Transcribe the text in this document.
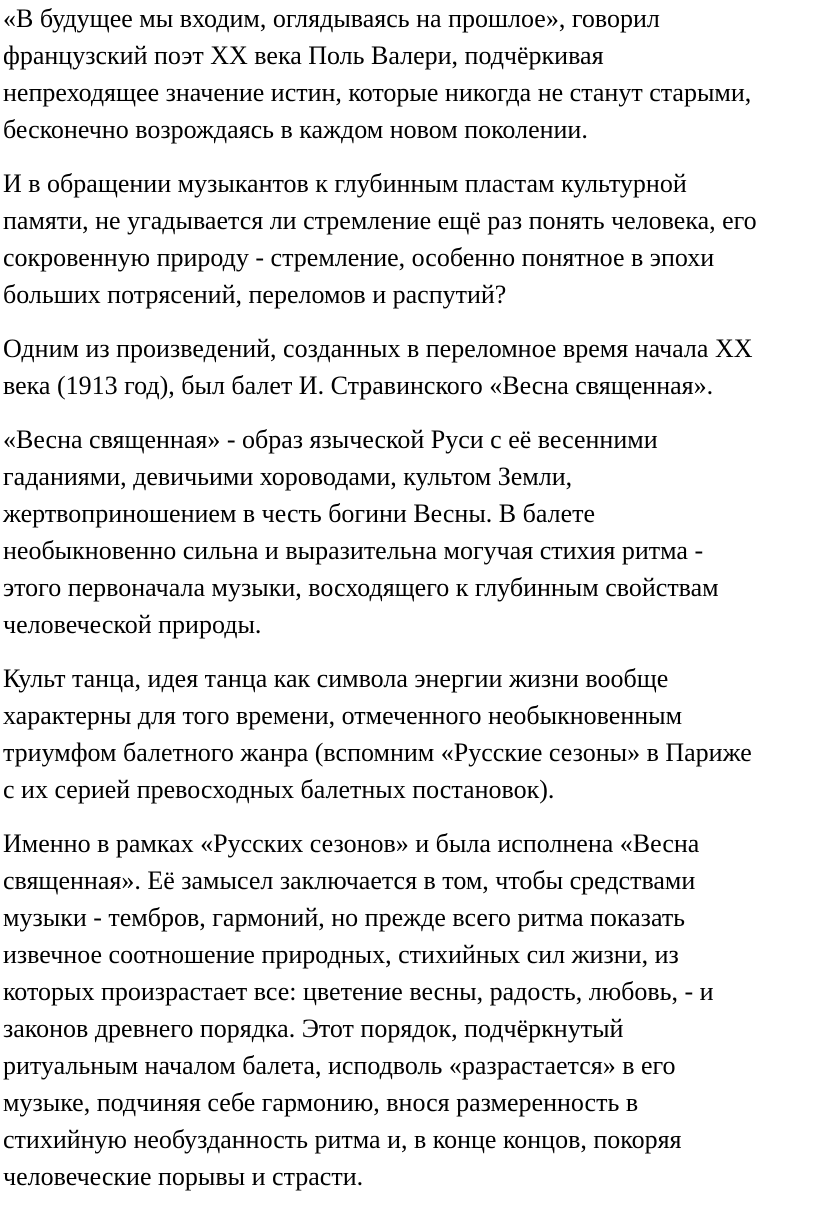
«В будущее мы входим, оглядываясь на прошлое», говорил
французский поэт XX века Поль Валери, подчёркивая
непреходящее значение истин, которые никогда не станут старыми,
бесконечно возрождаясь в каждом новом поколении.

И в обращении музыкантов к глубинным пластам культурной
памяти, не угадывается ли стремление ещё раз понять человека, его
сокровенную природу - стремление, особенно понятное в эпохи
больших потрясений, переломов и распутий?

Одним из произведений, созданных в переломное время начала XX
века (1913 год), был балет И. Стравинского «Весна священная».

«Весна священная» - образ языческой Руси с её весенними
гаданиями, девичьими хороводами, культом Земли,
жертвоприношением в честь богини Весны. В балете
необыкновенно сильна и выразительна могучая стихия ритма -
этого первоначала музыки, восходящего к глубинным свойствам
человеческой природы.

Культ танца, идея танца как символа энергии жизни вообще
характерны для того времени, отмеченного необыкновенным
триумфом балетного жанра (вспомним «Русские сезоны» в Париже
с их серией превосходных балетных постановок).

Именно в рамках «Русских сезонов» и была исполнена «Весна
священная». Её замысел заключается в том, чтобы средствами
музыки - тембров, гармоний, но прежде всего ритма показать
извечное соотношение природных, стихийных сил жизни, из
которых произрастает все: цветение весны, радость, любовь, - и
законов древнего порядка. Этот порядок, подчёркнутый
ритуальным началом балета, исподволь «разрастается» в его
музыке, подчиняя себе гармонию, внося размеренность в
стихийную необузданность ритма и, в конце концов, покоряя
человеческие порывы и страсти.
